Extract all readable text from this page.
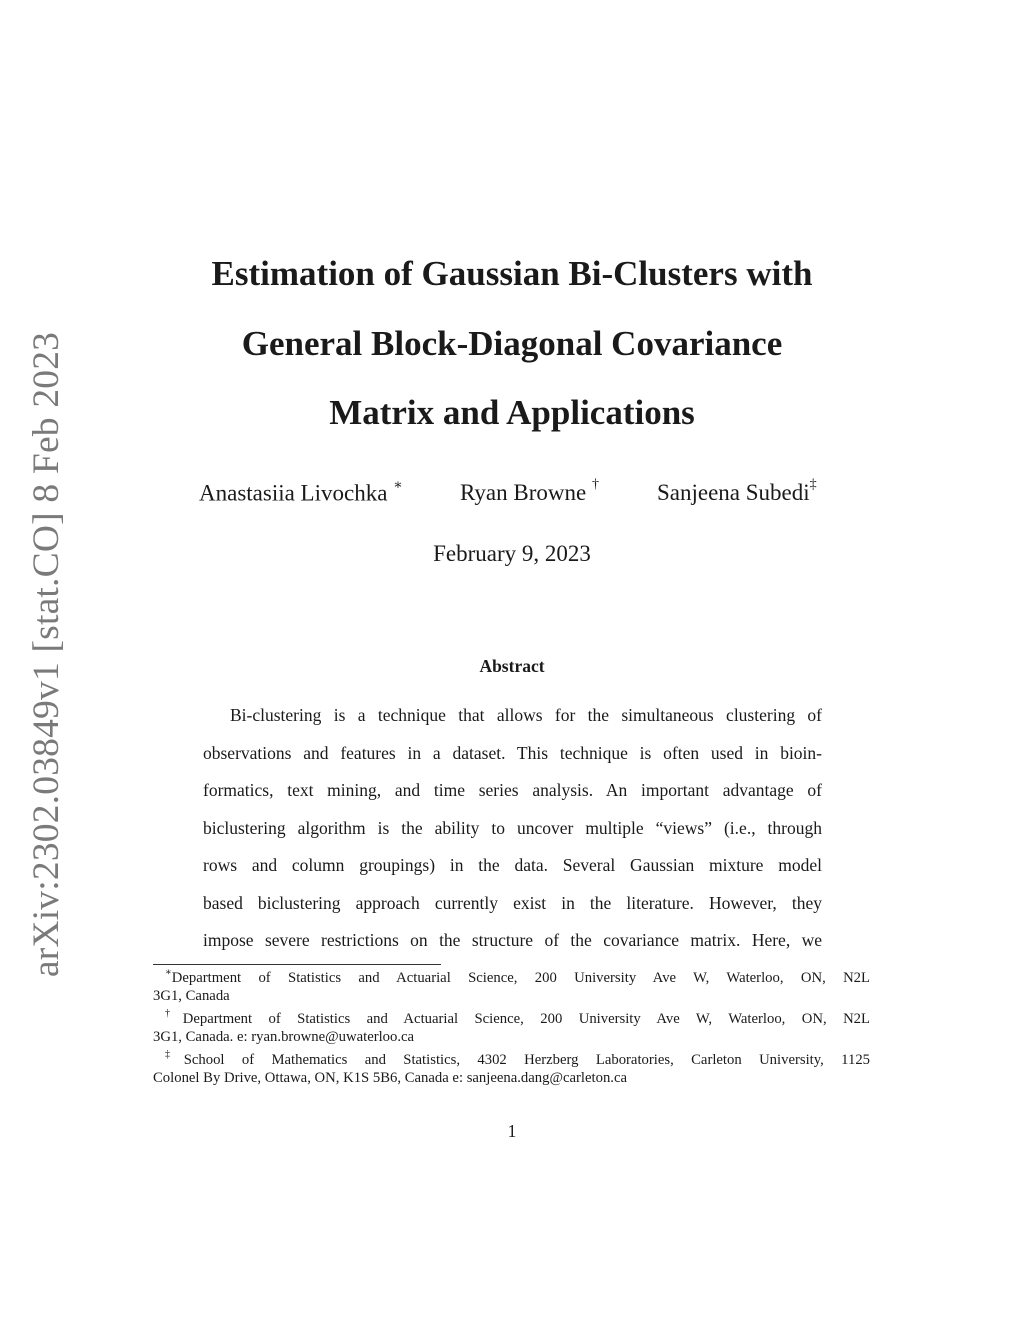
arXiv:2302.03849v1 [stat.CO] 8 Feb 2023
Estimation of Gaussian Bi-Clusters with
General Block-Diagonal Covariance
Matrix and Applications
Anastasiia Livochka ∗ Ryan Browne †	Sanjeena Subedi‡
February 9, 2023
Abstract
Bi-clustering is a technique that allows for the simultaneous clustering of
observations and features in a dataset. This technique is often used in bioin-
formatics, text mining, and time series analysis. An important advantage of
biclustering algorithm is the ability to uncover multiple “views” (i.e., through
rows and column groupings) in the data. Several Gaussian mixture model
based biclustering approach currently exist in the literature. However, they
impose severe restrictions on the structure of the covariance matrix. Here, we
∗Department of Statistics and Actuarial Science, 200 University Ave W, Waterloo, ON, N2L
3G1, Canada
†Department of Statistics and Actuarial Science, 200 University Ave W, Waterloo, ON, N2L
3G1, Canada. e: ryan.browne@uwaterloo.ca
‡School of Mathematics and Statistics, 4302 Herzberg Laboratories, Carleton University, 1125
Colonel By Drive, Ottawa, ON, K1S 5B6, Canada e: sanjeena.dang@carleton.ca
1
